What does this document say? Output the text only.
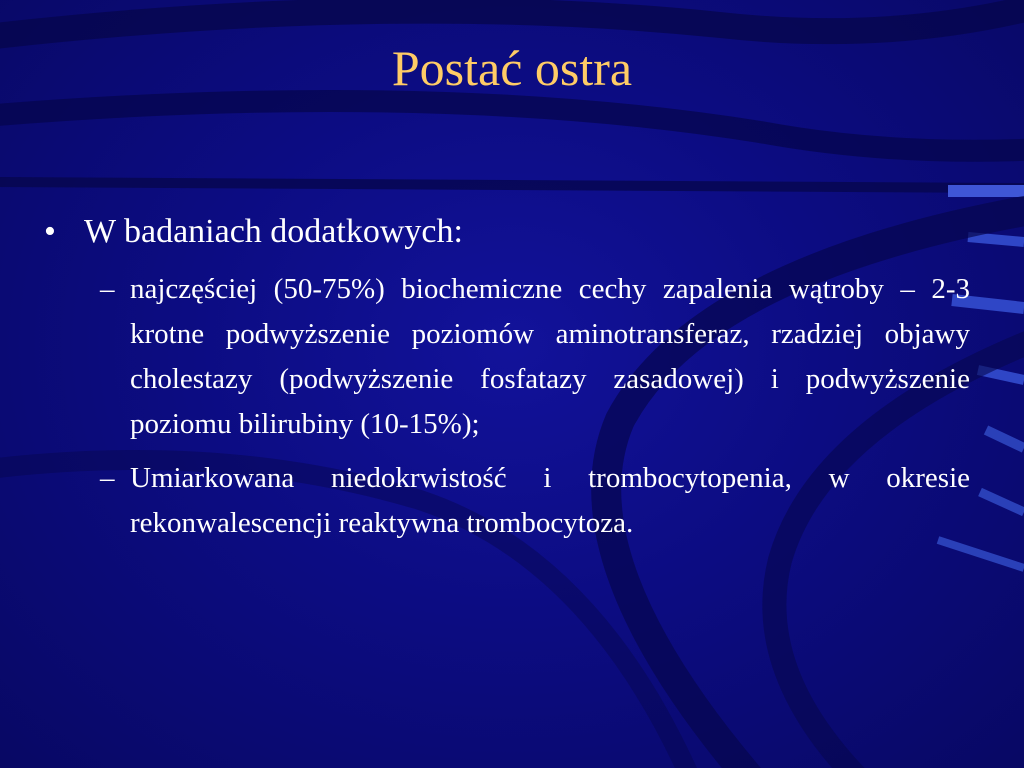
Postać ostra
• W badaniach dodatkowych:
– najczęściej (50-75%) biochemiczne cechy zapalenia wątroby – 2-3 krotne podwyższenie poziomów aminotransferaz, rzadziej objawy cholestazy (podwyższenie fosfatazy zasadowej) i podwyższenie poziomu bilirubiny (10-15%);
– Umiarkowana niedokrwistość i trombocytopenia, w okresie rekonwalescencji reaktywna trombocytoza.
